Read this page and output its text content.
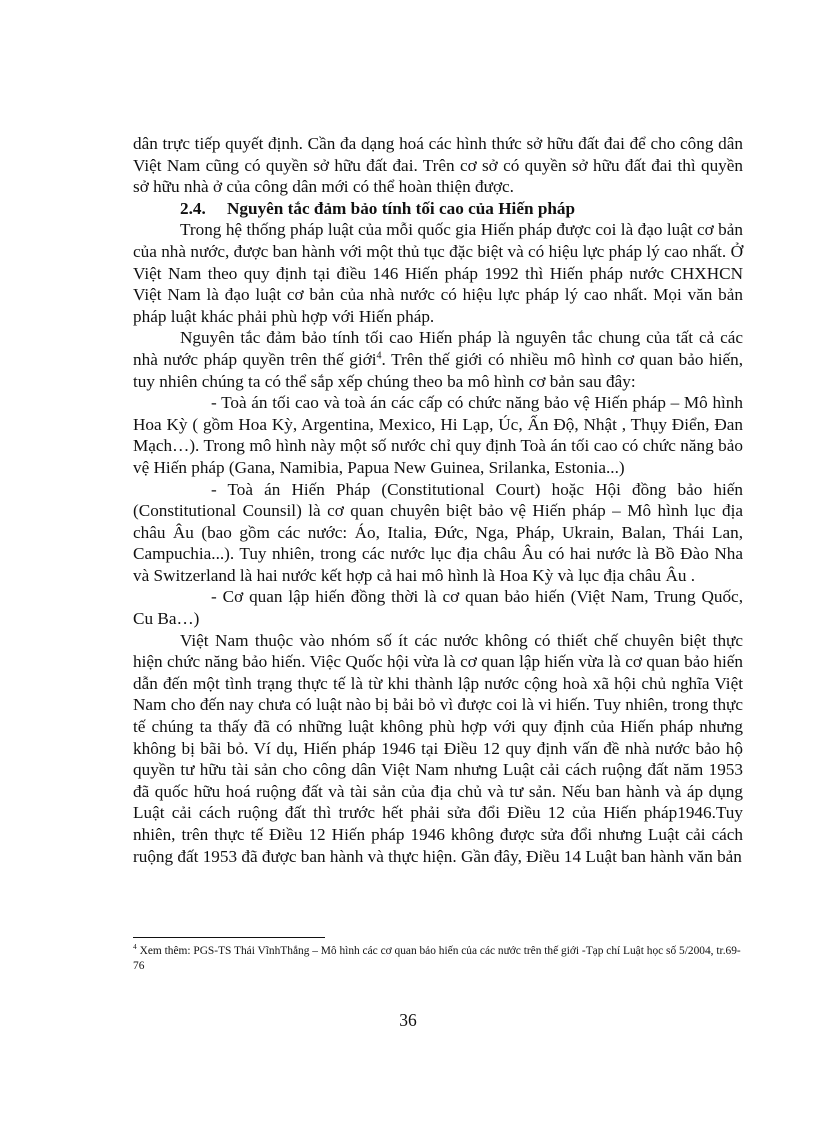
dân trực tiếp quyết định. Cần đa dạng hoá các hình thức sở hữu đất đai để cho công dân Việt Nam cũng có quyền sở hữu đất đai. Trên cơ sở có quyền sở hữu đất đai thì quyền sở hữu nhà ở của công dân mới có thể hoàn thiện được.

2.4. Nguyên tắc đảm bảo tính tối cao của Hiến pháp

Trong hệ thống pháp luật của mỗi quốc gia Hiến pháp được coi là đạo luật cơ bản của nhà nước, được ban hành với một thủ tục đặc biệt và có hiệu lực pháp lý cao nhất. Ở Việt Nam theo quy định tại điều 146 Hiến pháp 1992 thì Hiến pháp nước CHXHCN Việt Nam là đạo luật cơ bản của nhà nước có hiệu lực pháp lý cao nhất. Mọi văn bản pháp luật khác phải phù hợp với Hiến pháp.

Nguyên tắc đảm bảo tính tối cao Hiến pháp là nguyên tắc chung của tất cả các nhà nước pháp quyền trên thế giới$^4$. Trên thế giới có nhiều mô hình cơ quan bảo hiến, tuy nhiên chúng ta có thể sắp xếp chúng theo ba mô hình cơ bản sau đây:

- Toà án tối cao và toà án các cấp có chức năng bảo vệ Hiến pháp – Mô hình Hoa Kỳ ( gồm Hoa Kỳ, Argentina, Mexico, Hi Lạp, Úc, Ấn Độ, Nhật , Thụy Điển, Đan Mạch…). Trong mô hình này một số nước chỉ quy định Toà án tối cao có chức năng bảo vệ Hiến pháp (Gana, Namibia, Papua New Guinea, Srilanka, Estonia...)

- Toà án Hiến Pháp (Constitutional Court) hoặc Hội đồng bảo hiến (Constitutional Counsil) là cơ quan chuyên biệt bảo vệ Hiến pháp – Mô hình lục địa châu Âu (bao gồm các nước: Áo, Italia, Đức, Nga, Pháp, Ukrain, Balan, Thái Lan, Campuchia...). Tuy nhiên, trong các nước lục địa châu Âu có hai nước là Bồ Đào Nha và Switzerland là hai nước kết hợp cả hai mô hình là Hoa Kỳ và lục địa châu Âu .

- Cơ quan lập hiến đồng thời là cơ quan bảo hiến (Việt Nam, Trung Quốc, Cu Ba…)

Việt Nam thuộc vào nhóm số ít các nước không có thiết chế chuyên biệt thực hiện chức năng bảo hiến. Việc Quốc hội vừa là cơ quan lập hiến vừa là cơ quan bảo hiến dẫn đến một tình trạng thực tế là từ khi thành lập nước cộng hoà xã hội chủ nghĩa Việt Nam cho đến nay chưa có luật nào bị bải bỏ vì được coi là vi hiến. Tuy nhiên, trong thực tế chúng ta thấy đã có những luật không phù hợp với quy định của Hiến pháp nhưng không bị bãi bỏ. Ví dụ, Hiến pháp 1946 tại Điều 12 quy định vấn đề nhà nước bảo hộ quyền tư hữu tài sản cho công dân Việt Nam nhưng Luật cải cách ruộng đất năm 1953 đã quốc hữu hoá ruộng đất và tài sản của địa chủ và tư sản. Nếu ban hành và áp dụng Luật cải cách ruộng đất thì trước hết phải sửa đổi Điều 12 của Hiến pháp1946.Tuy nhiên, trên thực tế Điều 12 Hiến pháp 1946 không được sửa đổi nhưng Luật cải cách ruộng đất 1953 đã được ban hành và thực hiện. Gần đây, Điều 14 Luật ban hành văn bản

$^4$ Xem thêm: PGS-TS Thái VĩnhThắng – Mô hình các cơ quan bảo hiến của các nước trên thế giới -Tạp chí Luật học số 5/2004, tr.69- 76
36
